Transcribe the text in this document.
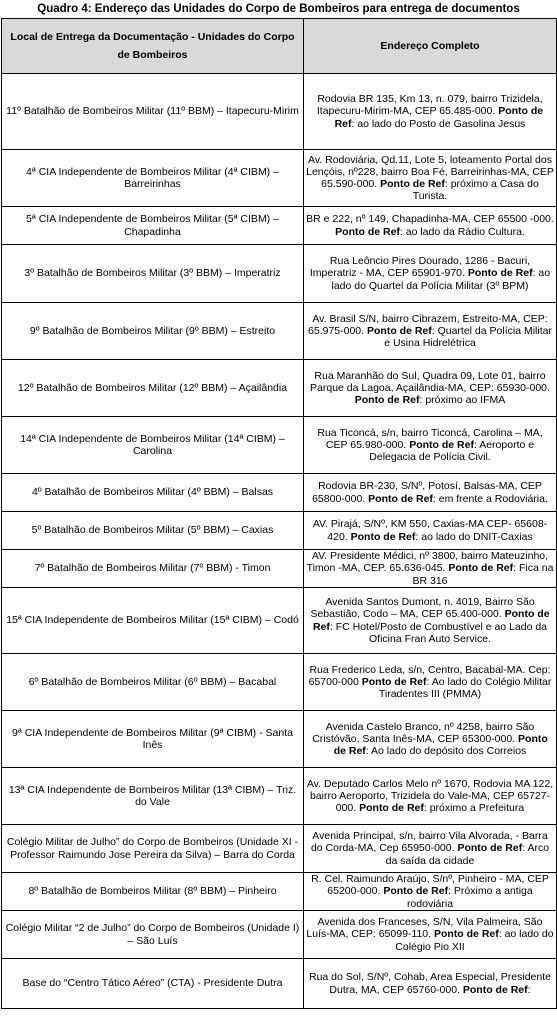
Quadro 4: Endereço das Unidades do Corpo de Bombeiros para entrega de documentos
Local de Entrega da Documentação - Unidades do Corpo de Bombeiros	Endereço Completo
11º Batalhão de Bombeiros Militar (11º BBM) – Itapecuru-Mirim	Rodovia BR 135, Km 13, n. 079, bairro Trizidela, Itapecuru-Mirim-MA, CEP 65.485-000. Ponto de Ref: ao lado do Posto de Gasolina Jesus
4ª CIA Independente de Bombeiros Militar (4ª CIBM) – Barreirinhas	Av. Rodoviária, Qd.11, Lote 5, loteamento Portal dos Lençóis, nº228, bairro Boa Fé, Barreirinhas-MA, CEP 65.590-000. Ponto de Ref: próximo a Casa do Turista.
5ª CIA Independente de Bombeiros Militar (5ª CIBM) – Chapadinha	BR e 222, nº 149, Chapadinha-MA, CEP 65500 -000. Ponto de Ref: ao lado da Rádio Cultura.
3º Batalhão de Bombeiros Militar (3º BBM) – Imperatriz	Rua Leôncio Pires Dourado, 1286 - Bacuri, Imperatriz - MA, CEP 65901-970. Ponto de Ref: ao lado do Quartel da Polícia Militar (3º BPM)
9º Batalhão de Bombeiros Militar (9º BBM) – Estreito	Av. Brasil S/N, bairro Cibrazem, Estreito-MA, CEP: 65.975-000. Ponto de Ref: Quartel da Polícia Militar e Usina Hidrelétrica
12º Batalhão de Bombeiros Militar (12º BBM) – Açailândia	Rua Maranhão do Sul, Quadra 09, Lote 01, bairro Parque da Lagoa, Açailândia-MA, CEP: 65930-000. Ponto de Ref: próximo ao IFMA
14ª CIA Independente de Bombeiros Militar (14ª CIBM) – Carolina	Rua Ticoncá, s/n, bairro Ticoncá, Carolina – MA, CEP 65.980-000. Ponto de Ref: Aeroporto e Delegacia de Polícia Civil.
4º Batalhão de Bombeiros Militar (4º BBM) – Balsas	Rodovia BR-230, S/Nº, Potosí, Balsas-MA, CEP 65800-000. Ponto de Ref: em frente a Rodoviária.
5º Batalhão de Bombeiros Militar (5º BBM) – Caxias	AV. Pirajá, S/Nº, KM 550, Caxias-MA CEP- 65608-420. Ponto de Ref: ao lado do DNIT-Caxias
7º Batalhão de Bombeiros Militar (7º BBM) - Timon	AV. Presidente Médici, nº 3800, bairro Mateuzinho, Timon -MA, CEP. 65.636-045. Ponto de Ref: Fica na BR 316
15ª CIA Independente de Bombeiros Militar (15ª CIBM) – Codó	Avenida Santos Dumont, n. 4019, Bairro São Sebastião, Codo – MA, CEP 65.400-000. Ponto de Ref: FC Hotel/Posto de Combustível e ao Lado da Oficina Fran Auto Service.
6º Batalhão de Bombeiros Militar (6º BBM) – Bacabal	Rua Frederico Leda, s/n, Centro, Bacabal-MA. Cep: 65700-000 Ponto de Ref: Ao lado do Colégio Militar Tiradentes III (PMMA)
9ª CIA Independente de Bombeiros Militar (9ª CIBM) - Santa Inês	Avenida Castelo Branco, nº 4258, bairro São Cristóvão, Santa Inês-MA, CEP 65300-000. Ponto de Ref: Ao lado do depósito dos Correios
13ª CIA Independente de Bombeiros Militar (13ª CIBM) – Triz. do Vale	Av. Deputado Carlos Melo nº 1670, Rodovia MA 122, bairro Aeroporto, Trizidela do Vale-MA, CEP 65727-000. Ponto de Ref: próximo a Prefeitura
Colégio Militar de Julho” do Corpo de Bombeiros (Unidade XI - Professor Raimundo Jose Pereira da Silva) – Barra do Corda	Avenida Principal, s/n, bairro Vila Alvorada, - Barra do Corda-MA, Cep 65950-000. Ponto de Ref: Arco da saída da cidade
8º Batalhão de Bombeiros Militar (8º BBM) – Pinheiro	R. Cel. Raimundo Araújo, S/nº, Pinheiro - MA, CEP 65200-000. Ponto de Ref: Próximo a antiga rodoviária
Colégio Militar “2 de Julho” do Corpo de Bombeiros (Unidade I) – São Luís	Avenida dos Franceses, S/N, Vila Palmeira, São Luís-MA, CEP: 65099-110. Ponto de Ref: ao lado do Colégio Pio XII
Base do “Centro Tático Aéreo” (CTA) - Presidente Dutra	Rua do Sol, S/Nº, Cohab, Area Especial, Presidente Dutra, MA, CEP 65760-000. Ponto de Ref:
